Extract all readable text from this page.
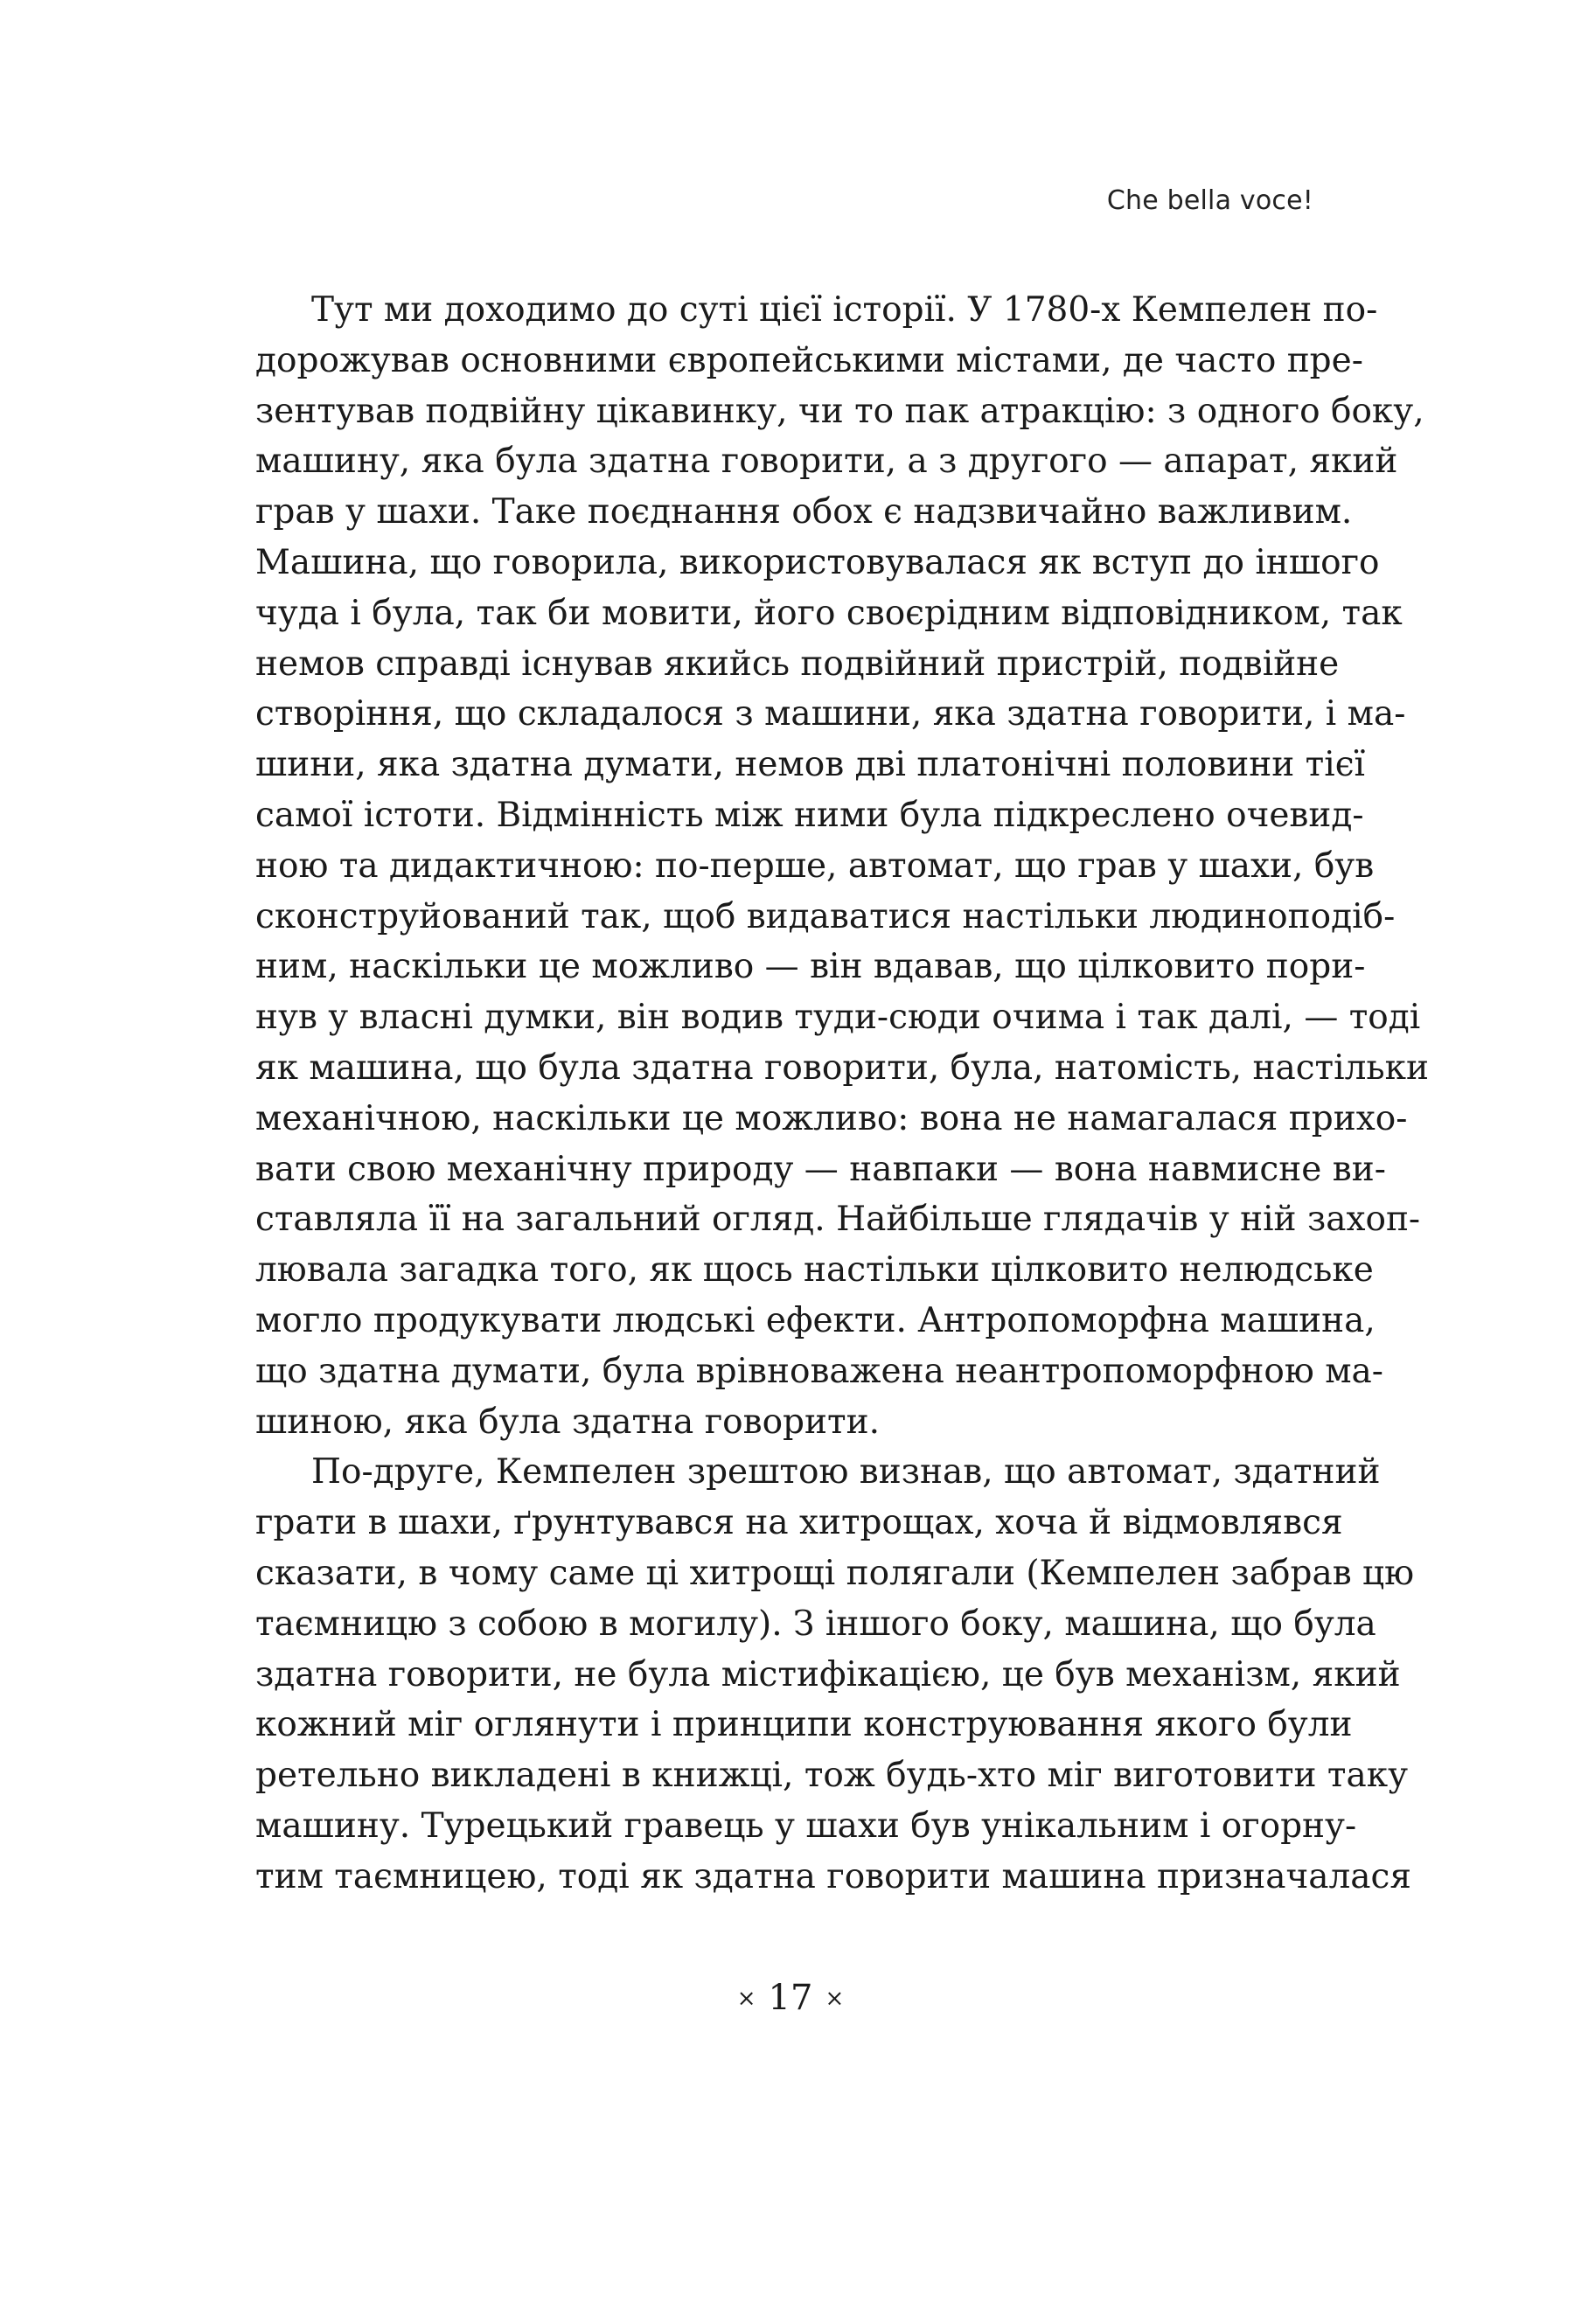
Che bella voce!
Тут ми доходимо до суті цієї історії. У 1780-х Кемпелен по-
дорожував основними європейськими містами, де часто пре-
зентував подвійну цікавинку, чи то пак атракцію: з одного боку,
машину, яка була здатна говорити, а з другого — апарат, який
грав у шахи. Таке поєднання обох є надзвичайно важливим.
Машина, що говорила, використовувалася як вступ до іншого
чуда і була, так би мовити, його своєрідним відповідником, так
немов справді існував якийсь подвійний пристрій, подвійне
створіння, що складалося з машини, яка здатна говорити, і ма-
шини, яка здатна думати, немов дві платонічні половини тієї
самої істоти. Відмінність між ними була підкреслено очевид-
ною та дидактичною: по-перше, автомат, що грав у шахи, був
сконструйований так, щоб видаватися настільки людиноподіб-
ним, наскільки це можливо — він вдавав, що цілковито пори-
нув у власні думки, він водив туди-сюди очима і так далі, — тоді
як машина, що була здатна говорити, була, натомість, настільки
механічною, наскільки це можливо: вона не намагалася прихо-
вати свою механічну природу — навпаки — вона навмисне ви-
ставляла її на загальний огляд. Найбільше глядачів у ній захоп-
лювала загадка того, як щось настільки цілковито нелюдське
могло продукувати людські ефекти. Антропоморфна машина,
що здатна думати, була врівноважена неантропоморфною ма-
шиною, яка була здатна говорити.
По-друге, Кемпелен зрештою визнав, що автомат, здатний
грати в шахи, ґрунтувався на хитрощах, хоча й відмовлявся
сказати, в чому саме ці хитрощі полягали (Кемпелен забрав цю
таємницю з собою в могилу). З іншого боку, машина, що була
здатна говорити, не була містифікацією, це був механізм, який
кожний міг оглянути і принципи конструювання якого були
ретельно викладені в книжці, тож будь-хто міг виготовити таку
машину. Турецький гравець у шахи був унікальним і огорну-
тим таємницею, тоді як здатна говорити машина призначалася
× 17 ×
